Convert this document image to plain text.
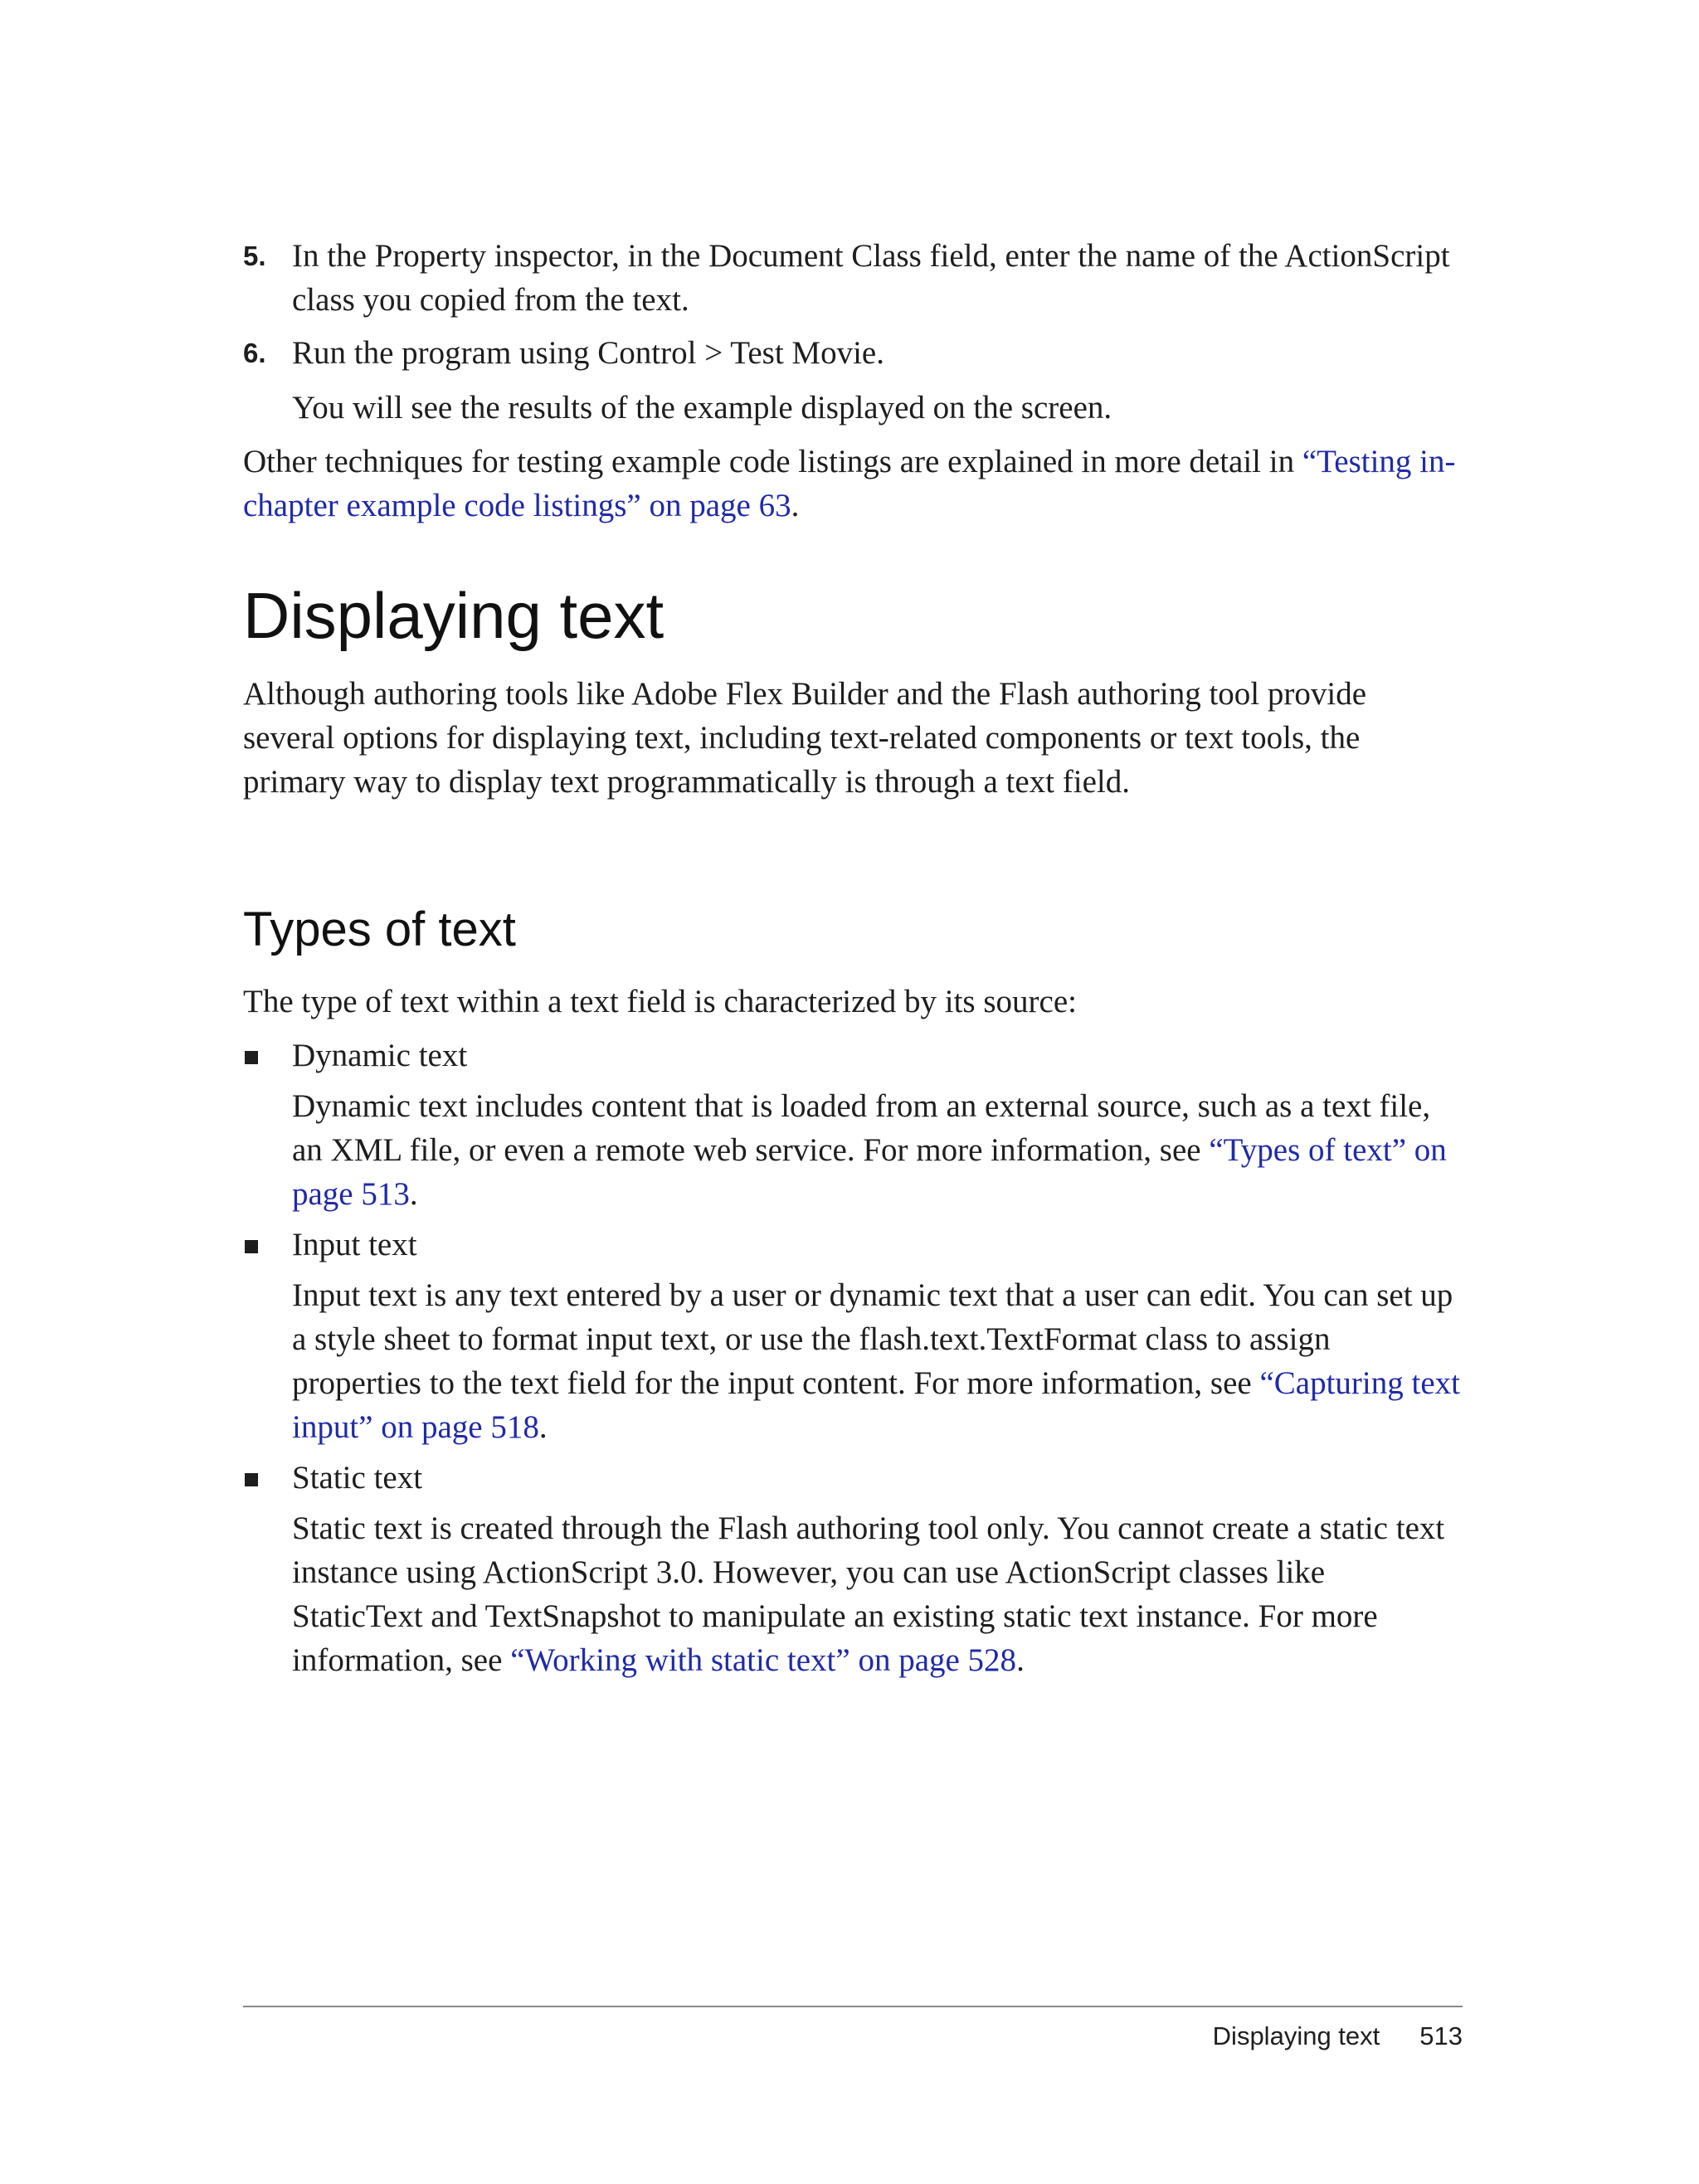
5. In the Property inspector, in the Document Class field, enter the name of the ActionScript class you copied from the text.

6. Run the program using Control > Test Movie.

You will see the results of the example displayed on the screen.

Other techniques for testing example code listings are explained in more detail in “Testing in-chapter example code listings” on page 63.

Displaying text

Although authoring tools like Adobe Flex Builder and the Flash authoring tool provide several options for displaying text, including text-related components or text tools, the primary way to display text programmatically is through a text field.

Types of text

The type of text within a text field is characterized by its source:

Dynamic text

Dynamic text includes content that is loaded from an external source, such as a text file, an XML file, or even a remote web service. For more information, see “Types of text” on page 513.

Input text

Input text is any text entered by a user or dynamic text that a user can edit. You can set up a style sheet to format input text, or use the flash.text.TextFormat class to assign properties to the text field for the input content. For more information, see “Capturing text input” on page 518.

Static text

Static text is created through the Flash authoring tool only. You cannot create a static text instance using ActionScript 3.0. However, you can use ActionScript classes like StaticText and TextSnapshot to manipulate an existing static text instance. For more information, see “Working with static text” on page 528.

Displaying text 513
